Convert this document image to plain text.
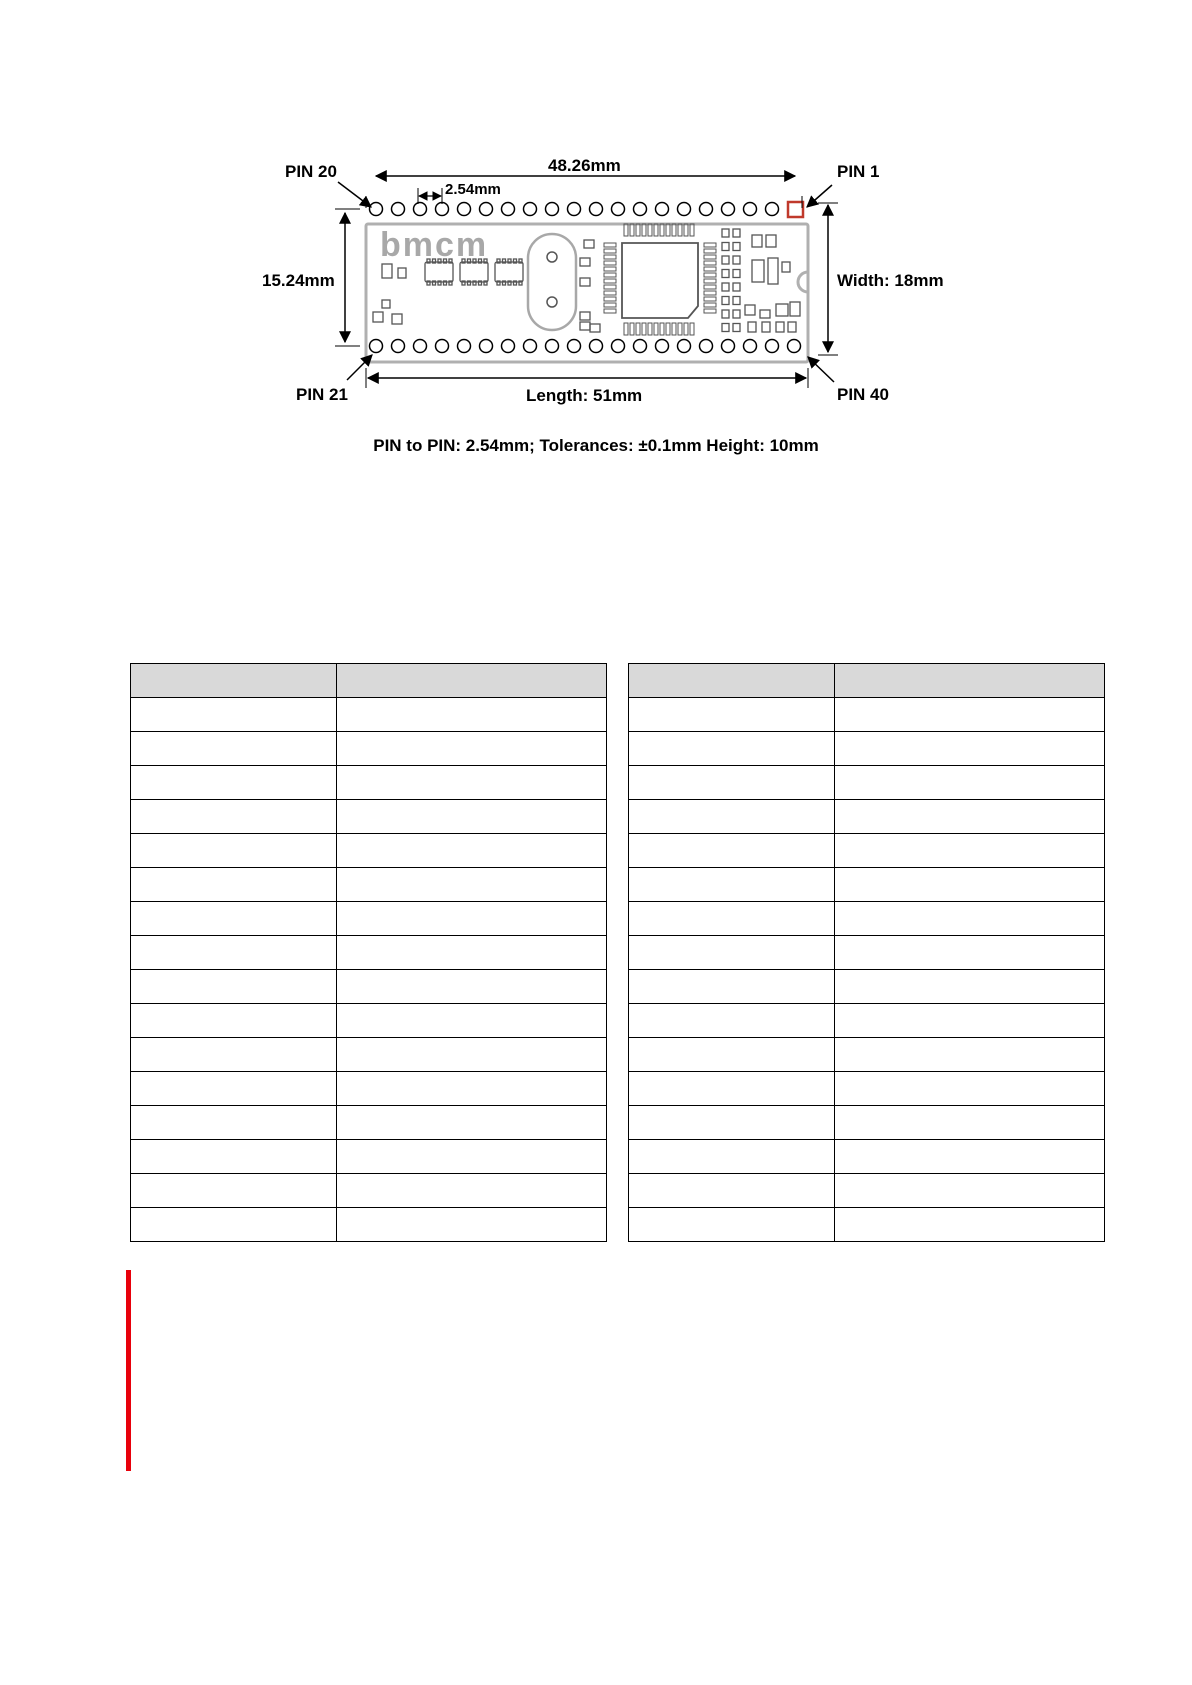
bmcm
PIN 20	PIN 1
PIN 21	PIN 40
48.26mm
2.54mm
15.24mm	Width: 18mm
Length: 51mm
PIN to PIN: 2.54mm; Tolerances: ±0.1mm Height: 10mm
